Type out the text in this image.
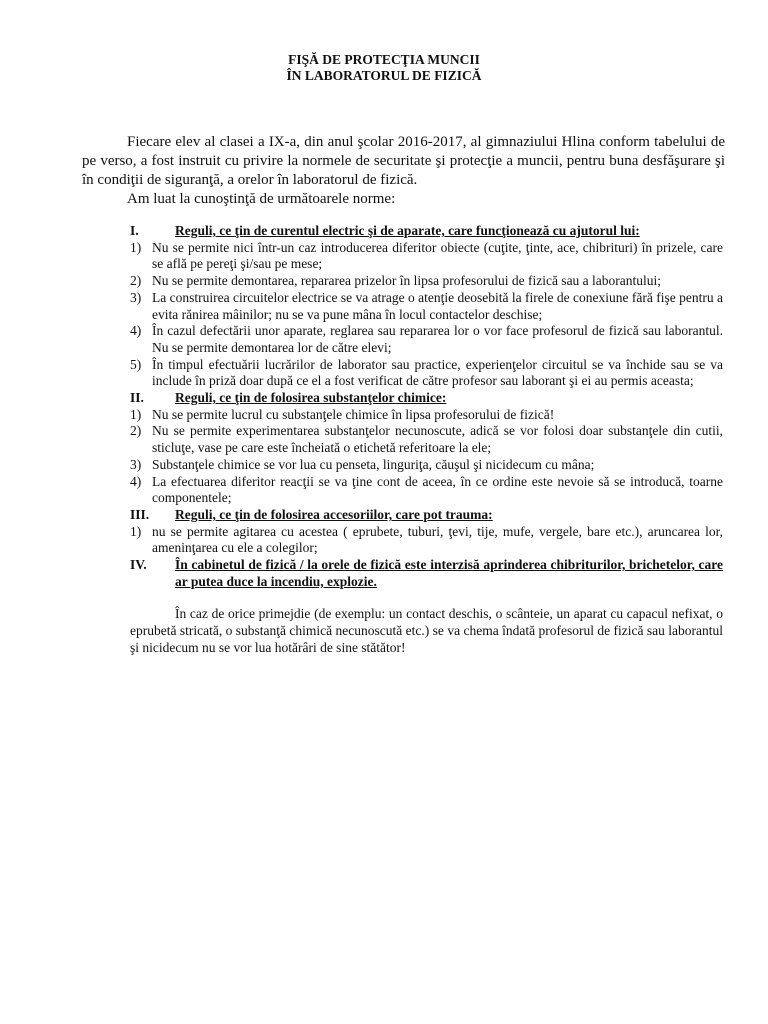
FIŞĂ DE PROTECŢIA MUNCII
ÎN LABORATORUL DE FIZICĂ

Fiecare elev al clasei a IX-a, din anul şcolar 2016-2017, al gimnaziului Hlina conform tabelului de pe verso, a fost instruit cu privire la normele de securitate şi protecţie a muncii, pentru buna desfăşurare şi în condiţii de siguranţă, a orelor în laboratorul de fizică.

Am luat la cunoştinţă de următoarele norme:

I.	Reguli, ce ţin de curentul electric şi de aparate, care funcţionează cu ajutorul lui:
1) Nu se permite nici într-un caz introducerea diferitor obiecte (cuţite, ţinte, ace, chibrituri) în prizele, care se află pe pereţi şi/sau pe mese;
2) Nu se permite demontarea, repararea prizelor în lipsa profesorului de fizică sau a laborantului;
3) La construirea circuitelor electrice se va atrage o atenţie deosebită la firele de conexiune fără fişe pentru a evita rănirea mâinilor; nu se va pune mâna în locul contactelor deschise;
4) În cazul defectării unor aparate, reglarea sau repararea lor o vor face profesorul de fizică sau laborantul. Nu se permite demontarea lor de către elevi;
5) În timpul efectuării lucrărilor de laborator sau practice, experienţelor circuitul se va închide sau se va include în priză doar după ce el a fost verificat de către profesor sau laborant şi ei au permis aceasta;
II. Reguli, ce ţin de folosirea substanţelor chimice:
1) Nu se permite lucrul cu substanţele chimice în lipsa profesorului de fizică!
2) Nu se permite experimentarea substanţelor necunoscute, adică se vor folosi doar substanţele din cutii, sticluţe, vase pe care este încheiată o etichetă referitoare la ele;
3) Substanţele chimice se vor lua cu penseta, linguriţa, căuşul şi nicidecum cu mâna;
4) La efectuarea diferitor reacţii se va ţine cont de aceea, în ce ordine este nevoie să se introducă, toarne componentele;
III. Reguli, ce ţin de folosirea accesoriilor, care pot trauma:
1) nu se permite agitarea cu acestea ( eprubete, tuburi, ţevi, tije, mufe, vergele, bare etc.), aruncarea lor, ameninţarea cu ele a colegilor;
IV. În cabinetul de fizică / la orele de fizică este interzisă aprinderea chibriturilor, brichetelor, care ar putea duce la incendiu, explozie.

În caz de orice primejdie (de exemplu: un contact deschis, o scânteie, un aparat cu capacul nefixat, o eprubetă stricată, o substanţă chimică necunoscută etc.) se va chema îndată profesorul de fizică sau laborantul şi nicidecum nu se vor lua hotărâri de sine stătător!
